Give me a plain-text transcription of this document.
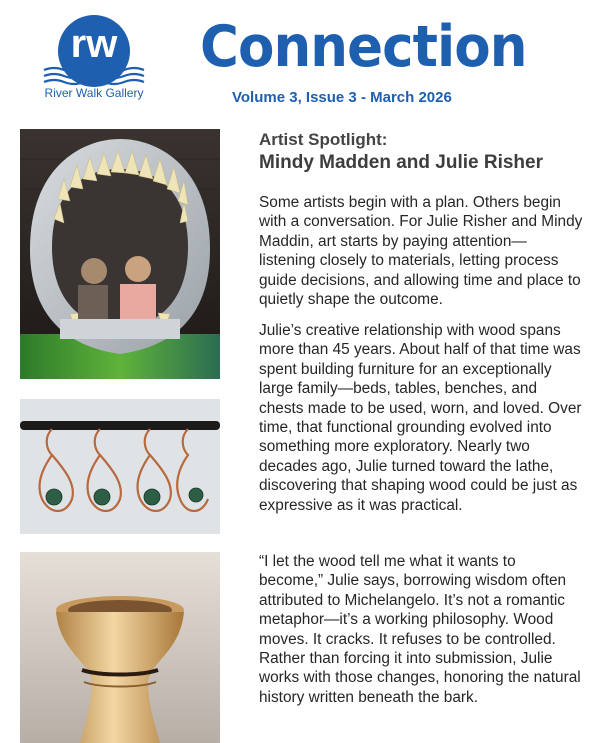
rw
River Walk Gallery
Connection
Volume 3, Issue 3 - March 2026

Artist Spotlight:

Mindy Madden and Julie Risher

Some artists begin with a plan. Others begin with a conversation. For Julie Risher and Mindy Maddin, art starts by paying attention—listening closely to materials, letting process guide decisions, and allowing time and place to quietly shape the outcome.

Julie’s creative relationship with wood spans more than 45 years. About half of that time was spent building furniture for an exceptionally large family—beds, tables, benches, and chests made to be used, worn, and loved. Over time, that functional grounding evolved into something more exploratory. Nearly two decades ago, Julie turned toward the lathe, discovering that shaping wood could be just as expressive as it was practical.

“I let the wood tell me what it wants to become,” Julie says, borrowing wisdom often attributed to Michelangelo. It’s not a romantic metaphor—it’s a working philosophy. Wood moves. It cracks. It refuses to be controlled. Rather than forcing it into submission, Julie works with those changes, honoring the natural history written beneath the bark.
